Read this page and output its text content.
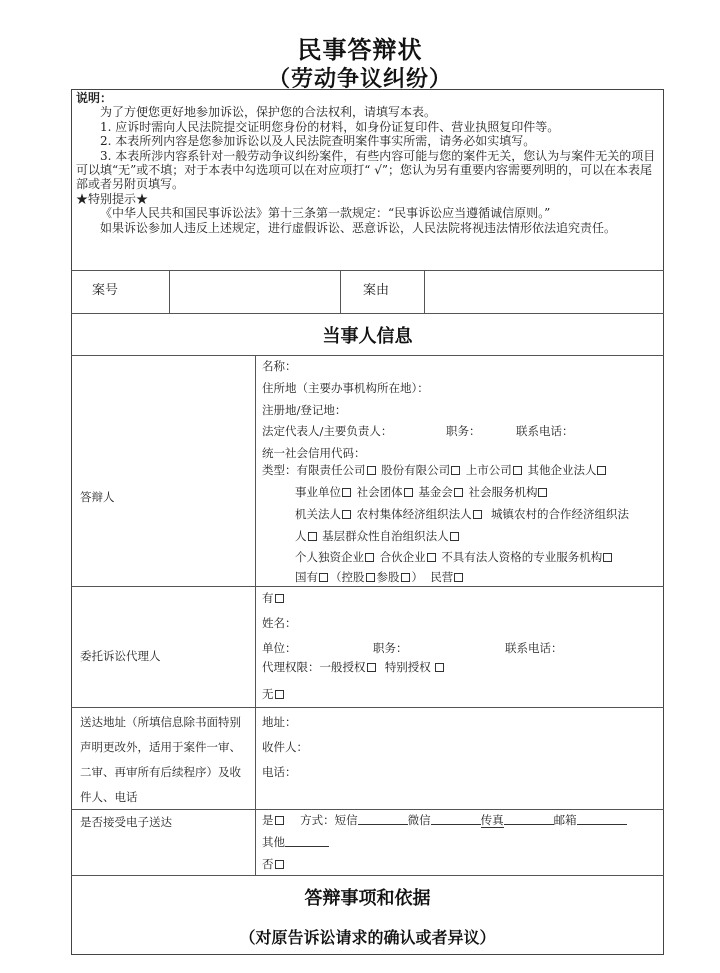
民事答辩状
（劳动争议纠纷）

说明：

为了方便您更好地参加诉讼，保护您的合法权利，请填写本表。

1. 应诉时需向人民法院提交证明您身份的材料，如身份证复印件、营业执照复印件等。

2. 本表所列内容是您参加诉讼以及人民法院查明案件事实所需，请务必如实填写。

3. 本表所涉内容系针对一般劳动争议纠纷案件，有些内容可能与您的案件无关，您认为与案件无关的项目可以填“无”或不填；对于本表中勾选项可以在对应项打“ √”；您认为另有重要内容需要列明的，可以在本表尾部或者另附页填写。

★特别提示★

《中华人民共和国民事诉讼法》第十三条第一款规定：“民事诉讼应当遵循诚信原则。”

如果诉讼参加人违反上述规定，进行虚假诉讼、恶意诉讼，人民法院将视违法情形依法追究责任。

案号	案由
当事人信息
答辩人
名称：
住所地（主要办事机构所在地）：
注册地/登记地：
法定代表人/主要负责人：	职务：	联系电话：
统一社会信用代码：
类型：有限责任公司 股份有限公司 上市公司 其他企业法人
事业单位 社会团体 基金会 社会服务机构
机关法人 农村集体经济组织法人 城镇农村的合作经济组织法
人 基层群众性自治组织法人
个人独资企业 合伙企业 不具有法人资格的专业服务机构
国有 （控股 参股 ） 民营
委托诉讼代理人
有
姓名：
单位：	职务：	联系电话：
代理权限：一般授权 特别授权
无
送达地址（所填信息除书面特别
声明更改外，适用于案件一审、
二审、再审所有后续程序）及收
件人、电话
地址：
收件人：
电话：
是否接受电子送达	是 方式：短信	微信	传真	邮箱
其他
否
答辩事项和依据
（对原告诉讼请求的确认或者异议）
